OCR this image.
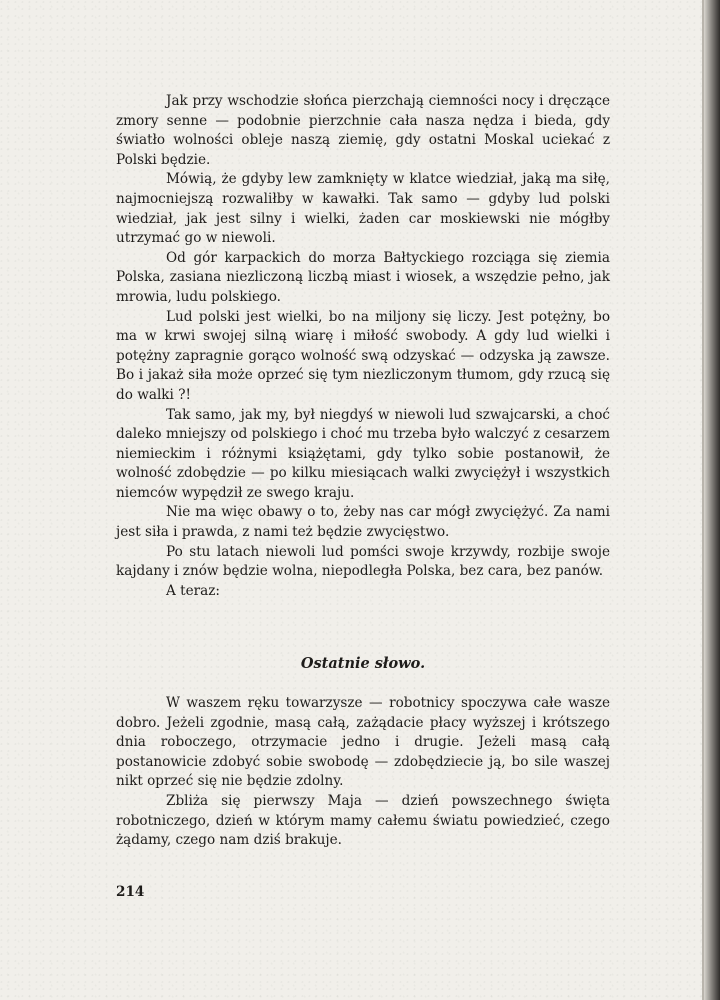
Jak przy wschodzie słońca pierzchają ciemności nocy i dręczące zmory senne — podobnie pierzchnie cała nasza nędza i bieda, gdy światło wolności obleje naszą ziemię, gdy ostatni Moskal uciekać z Polski będzie.

Mówią, że gdyby lew zamknięty w klatce wiedział, jaką ma siłę, najmocniejszą rozwaliłby w kawałki. Tak samo — gdyby lud polski wiedział, jak jest silny i wielki, żaden car moskiewski nie mógłby utrzymać go w niewoli.

Od gór karpackich do morza Bałtyckiego rozciąga się ziemia Polska, zasiana niezliczoną liczbą miast i wiosek, a wszędzie pełno, jak mrowia, ludu polskiego.

Lud polski jest wielki, bo na miljony się liczy. Jest potężny, bo ma w krwi swojej silną wiarę i miłość swobody. A gdy lud wielki i potężny zapragnie gorąco wolność swą odzyskać — odzyska ją zawsze. Bo i jakaż siła może oprzeć się tym niezliczonym tłumom, gdy rzucą się do walki ?!

Tak samo, jak my, był niegdyś w niewoli lud szwajcarski, a choć daleko mniejszy od polskiego i choć mu trzeba było walczyć z cesarzem niemieckim i różnymi książętami, gdy tylko sobie postanowił, że wolność zdobędzie — po kilku miesiącach walki zwyciężył i wszystkich niemców wypędził ze swego kraju.

Nie ma więc obawy o to, żeby nas car mógł zwyciężyć. Za nami jest siła i prawda, z nami też będzie zwycięstwo.

Po stu latach niewoli lud pomści swoje krzywdy, rozbije swoje kajdany i znów będzie wolna, niepodległa Polska, bez cara, bez panów.

A teraz:

Ostatnie słowo.

W waszem ręku towarzysze — robotnicy spoczywa całe wasze dobro. Jeżeli zgodnie, masą całą, zażądacie płacy wyższej i krótszego dnia roboczego, otrzymacie jedno i drugie. Jeżeli masą całą postanowicie zdobyć sobie swobodę — zdobędziecie ją, bo sile waszej nikt oprzeć się nie będzie zdolny.

Zbliża się pierwszy Maja — dzień powszechnego święta robotniczego, dzień w którym mamy całemu światu powiedzieć, czego żądamy, czego nam dziś brakuje.

214
